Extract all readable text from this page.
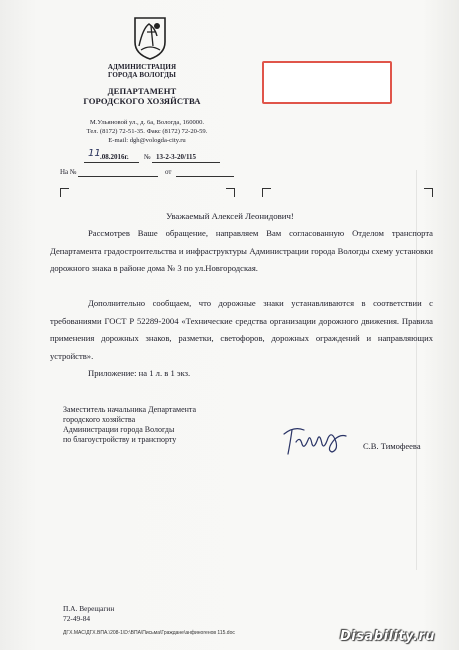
АДМИНИСТРАЦИЯ
ГОРОДА ВОЛОГДЫ
ДЕПАРТАМЕНТ
ГОРОДСКОГО ХОЗЯЙСТВА
М.Ульяновой ул., д. 6а, Вологда, 160000.
Тел. (8172) 72-51-35. Факс (8172) 72-20-59.
E-mail: dgh@vologda-city.ru
11 .08.2016г. № 13-2-3-20/115
На №	от
Уважаемый Алексей Леонидович!

Рассмотрев Ваше обращение, направляем Вам согласованную Отделом транспорта Департамента градостроительства и инфраструктуры Администрации города Вологды схему установки дорожного знака в районе дома № 3 по ул.Новгородская.

Дополнительно сообщаем, что дорожные знаки устанавливаются в соответствии с требованиями ГОСТ Р 52289-2004 «Технические средства организации дорожного движения. Правила применения дорожных знаков, разметки, светофоров, дорожных ограждений и направляющих устройств».

Приложение: на 1 л. в 1 экз.

Заместитель начальника Департамента
городского хозяйства
Администрации города Вологды
по благоустройству и транспорту
С.В. Тимофеева
П.А. Верещагин
72-49-84
ДГХ.МАС\ДГХ.ВПА.\208-1\D:\ВПА\Письма\Граждане\анфиногенов 115.doc	Disability.ru
